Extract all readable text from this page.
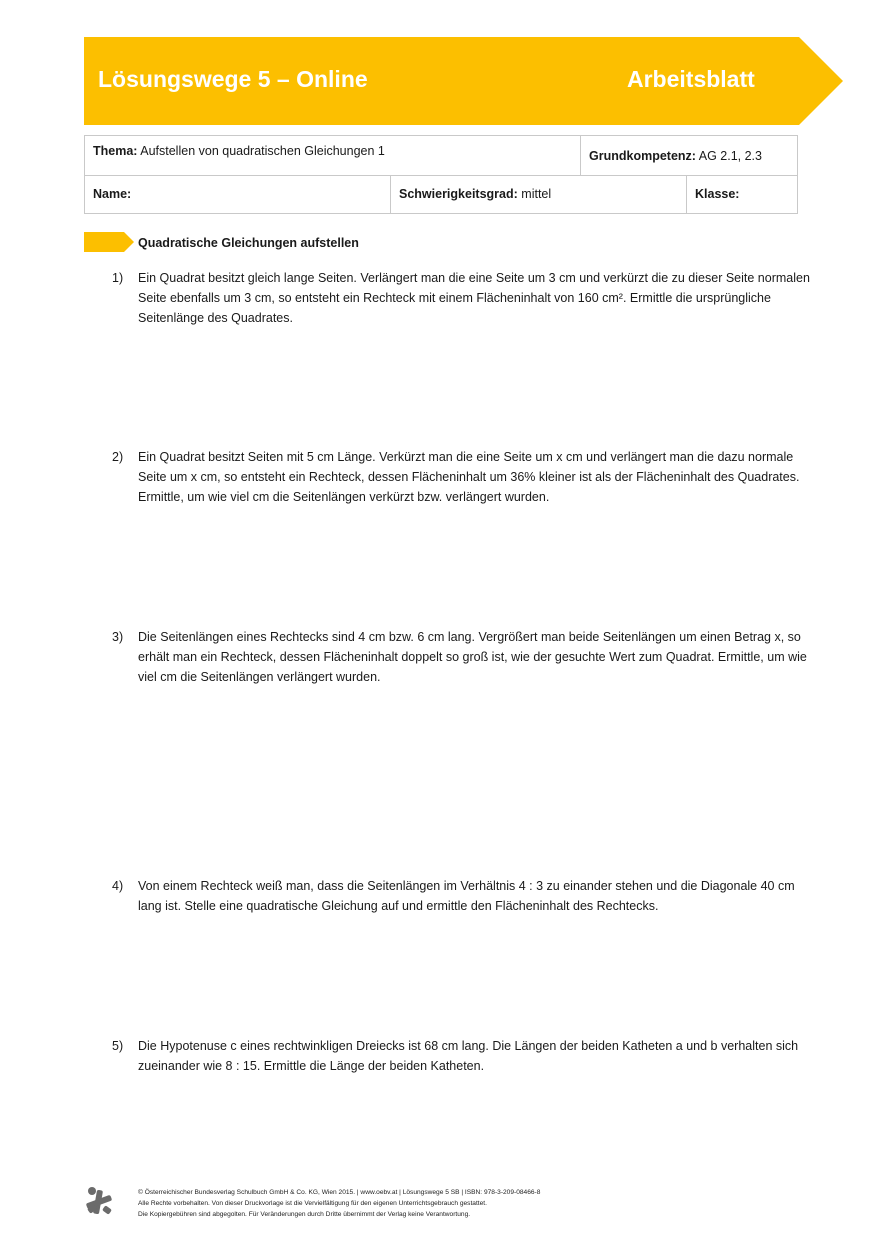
Lösungswege 5 – Online	Arbeitsblatt
Thema: Aufstellen von quadratischen Gleichungen 1	Grundkompetenz: AG 2.1, 2.3
Name:	Schwierigkeitsgrad: mittel	Klasse:
Quadratische Gleichungen aufstellen
1) Ein Quadrat besitzt gleich lange Seiten. Verlängert man die eine Seite um 3 cm und verkürzt die zu dieser Seite normalen Seite ebenfalls um 3 cm, so entsteht ein Rechteck mit einem Flächeninhalt von 160 cm². Ermittle die ursprüngliche Seitenlänge des Quadrates.
2) Ein Quadrat besitzt Seiten mit 5 cm Länge. Verkürzt man die eine Seite um x cm und verlängert man die dazu normale Seite um x cm, so entsteht ein Rechteck, dessen Flächeninhalt um 36% kleiner ist als der Flächeninhalt des Quadrates. Ermittle, um wie viel cm die Seitenlängen verkürzt bzw. verlängert wurden.
3) Die Seitenlängen eines Rechtecks sind 4 cm bzw. 6 cm lang. Vergrößert man beide Seitenlängen um einen Betrag x, so erhält man ein Rechteck, dessen Flächeninhalt doppelt so groß ist, wie der gesuchte Wert zum Quadrat. Ermittle, um wie viel cm die Seitenlängen verlängert wurden.
4) Von einem Rechteck weiß man, dass die Seitenlängen im Verhältnis 4 : 3 zu einander stehen und die Diagonale 40 cm lang ist. Stelle eine quadratische Gleichung auf und ermittle den Flächeninhalt des Rechtecks.
5) Die Hypotenuse c eines rechtwinkligen Dreiecks ist 68 cm lang. Die Längen der beiden Katheten a und b verhalten sich zueinander wie 8 : 15. Ermittle die Länge der beiden Katheten.
© Österreichischer Bundesverlag Schulbuch GmbH & Co. KG, Wien 2015. | www.oebv.at | Lösungswege 5 SB | ISBN: 978-3-209-08466-8
Alle Rechte vorbehalten. Von dieser Druckvorlage ist die Vervielfältigung für den eigenen Unterrichtsgebrauch gestattet.
Die Kopiergebühren sind abgegolten. Für Veränderungen durch Dritte übernimmt der Verlag keine Verantwortung.
